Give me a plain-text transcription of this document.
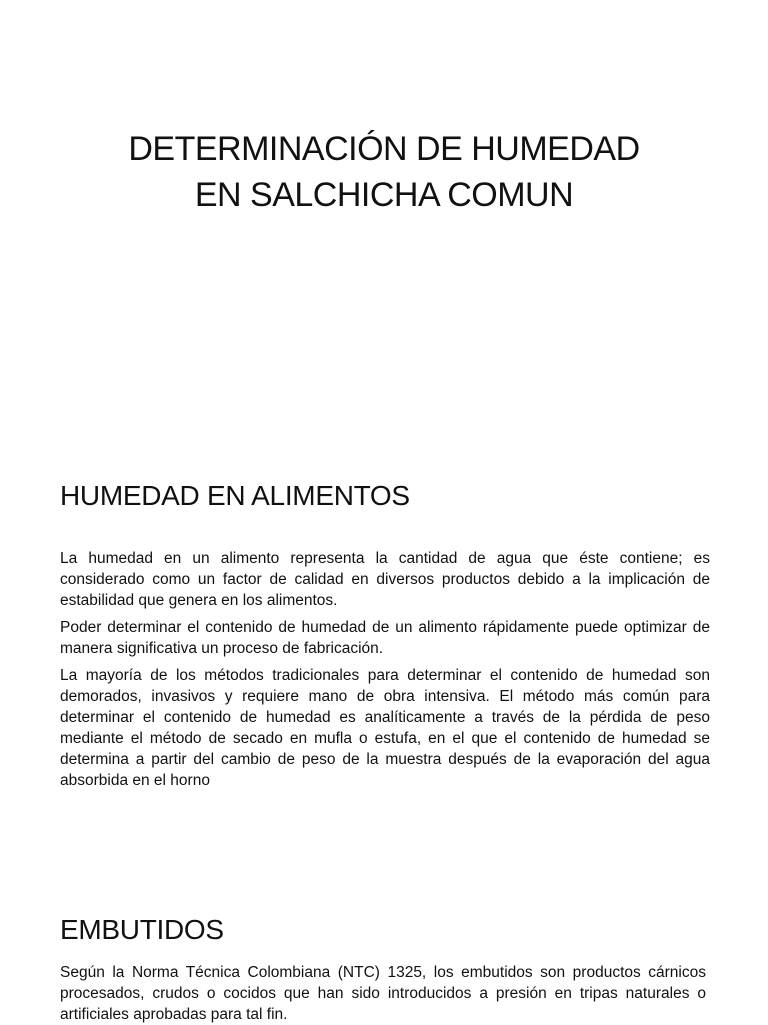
DETERMINACIÓN DE HUMEDAD
EN SALCHICHA COMUN
HUMEDAD EN ALIMENTOS

La humedad en un alimento representa la cantidad de agua que éste contiene; es considerado como un factor de calidad en diversos productos debido a la implicación de estabilidad que genera en los alimentos.

Poder determinar el contenido de humedad de un alimento rápidamente puede optimizar de manera significativa un proceso de fabricación.

La mayoría de los métodos tradicionales para determinar el contenido de humedad son demorados, invasivos y requiere mano de obra intensiva. El método más común para determinar el contenido de humedad es analíticamente a través de la pérdida de peso mediante el método de secado en mufla o estufa, en el que el contenido de humedad se determina a partir del cambio de peso de la muestra después de la evaporación del agua absorbida en el horno

EMBUTIDOS

Según la Norma Técnica Colombiana (NTC) 1325, los embutidos son productos cárnicos procesados, crudos o cocidos que han sido introducidos a presión en tripas naturales o artificiales aprobadas para tal fin.
